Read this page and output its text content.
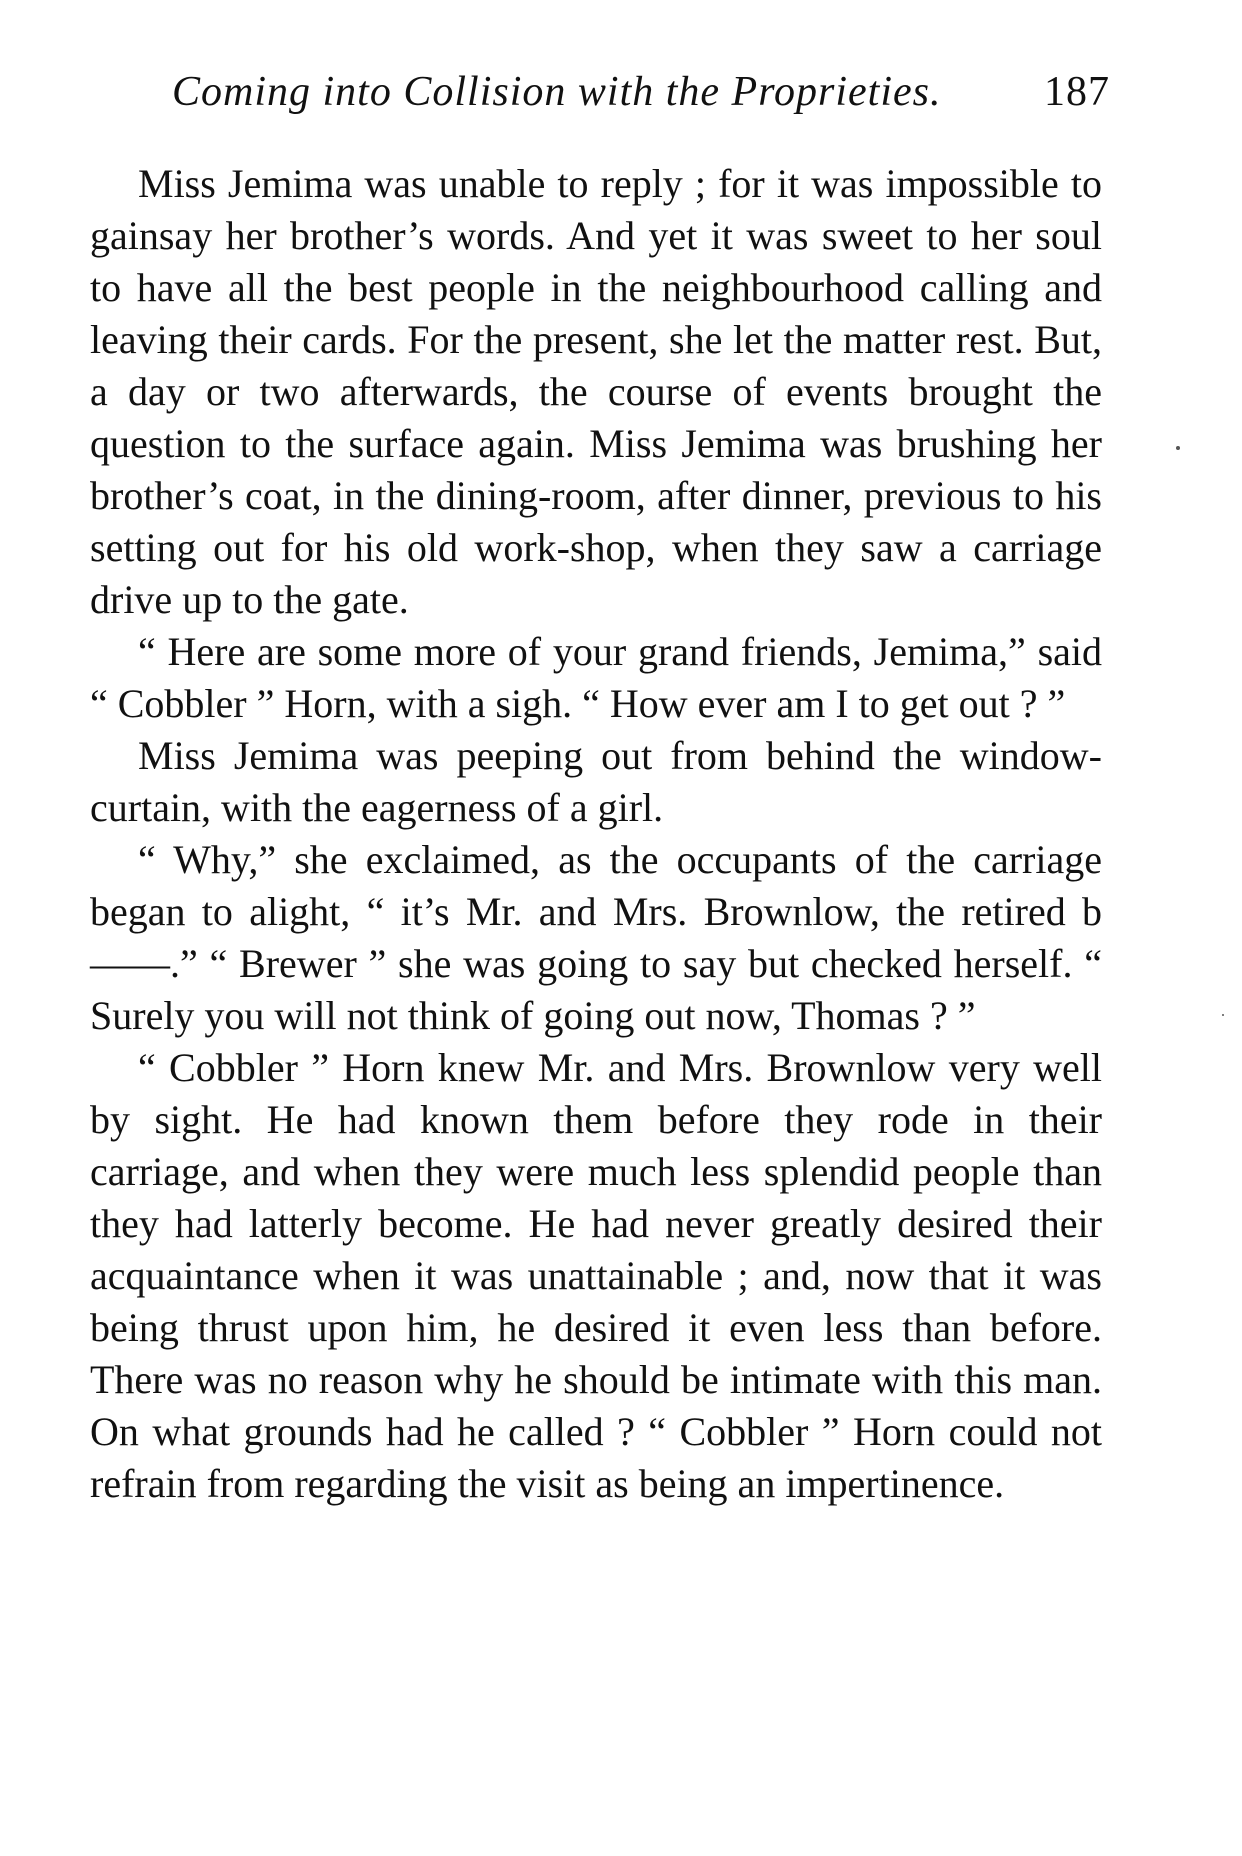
Coming into Collision with the Proprieties. 187

Miss Jemima was unable to reply ; for it was impossible to gainsay her brother’s words. And yet it was sweet to her soul to have all the best people in the neighbourhood calling and leaving their cards. For the present, she let the matter rest. But, a day or two afterwards, the course of events brought the question to the surface again. Miss Jemima was brushing her brother’s coat, in the dining-room, after dinner, previous to his setting out for his old work-shop, when they saw a carriage drive up to the gate.

“ Here are some more of your grand friends, Jemima,” said “ Cobbler ” Horn, with a sigh. “ How ever am I to get out ? ”

Miss Jemima was peeping out from behind the window-curtain, with the eagerness of a girl.

“ Why,” she exclaimed, as the occupants of the carriage began to alight, “ it’s Mr. and Mrs. Brownlow, the retired b——.” “ Brewer ” she was going to say but checked herself. “ Surely you will not think of going out now, Thomas ? ”

“ Cobbler ” Horn knew Mr. and Mrs. Brownlow very well by sight. He had known them before they rode in their carriage, and when they were much less splendid people than they had latterly become. He had never greatly desired their acquaintance when it was unattainable ; and, now that it was being thrust upon him, he desired it even less than before. There was no reason why he should be intimate with this man. On what grounds had he called ? “ Cobbler ” Horn could not refrain from regarding the visit as being an impertinence.
